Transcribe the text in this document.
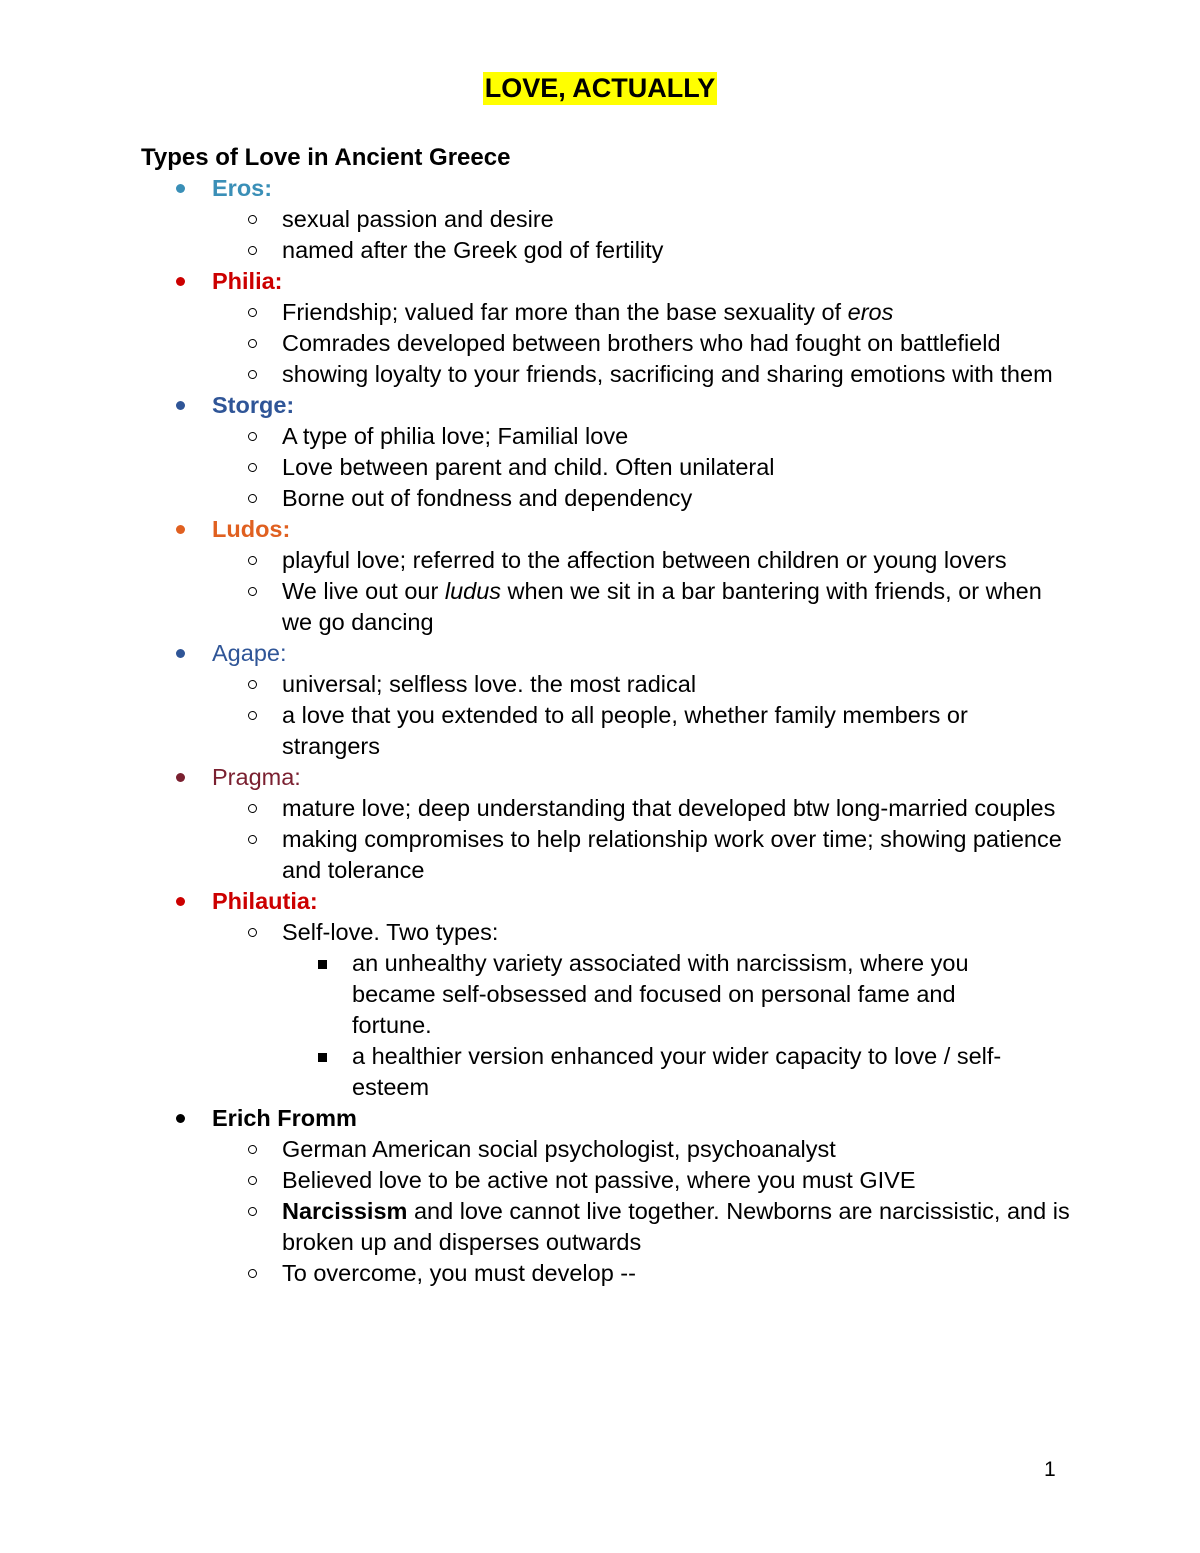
LOVE, ACTUALLY
Types of Love in Ancient Greece
Eros:
sexual passion and desire
named after the Greek god of fertility
Philia:
Friendship; valued far more than the base sexuality of eros
Comrades developed between brothers who had fought on battlefield
showing loyalty to your friends, sacrificing and sharing emotions with them
Storge:
A type of philia love; Familial love
Love between parent and child. Often unilateral
Borne out of fondness and dependency
Ludos:
playful love; referred to the affection between children or young lovers
We live out our ludus when we sit in a bar bantering with friends, or when we go dancing
Agape:
universal; selfless love. the most radical
a love that you extended to all people, whether family members or strangers
Pragma:
mature love; deep understanding that developed btw long-married couples
making compromises to help relationship work over time; showing patience and tolerance
Philautia:
Self-love. Two types:
an unhealthy variety associated with narcissism, where you became self-obsessed and focused on personal fame and fortune.
a healthier version enhanced your wider capacity to love / self-esteem
Erich Fromm
German American social psychologist, psychoanalyst
Believed love to be active not passive, where you must GIVE
Narcissism and love cannot live together. Newborns are narcissistic, and is broken up and disperses outwards
To overcome, you must develop --
1
